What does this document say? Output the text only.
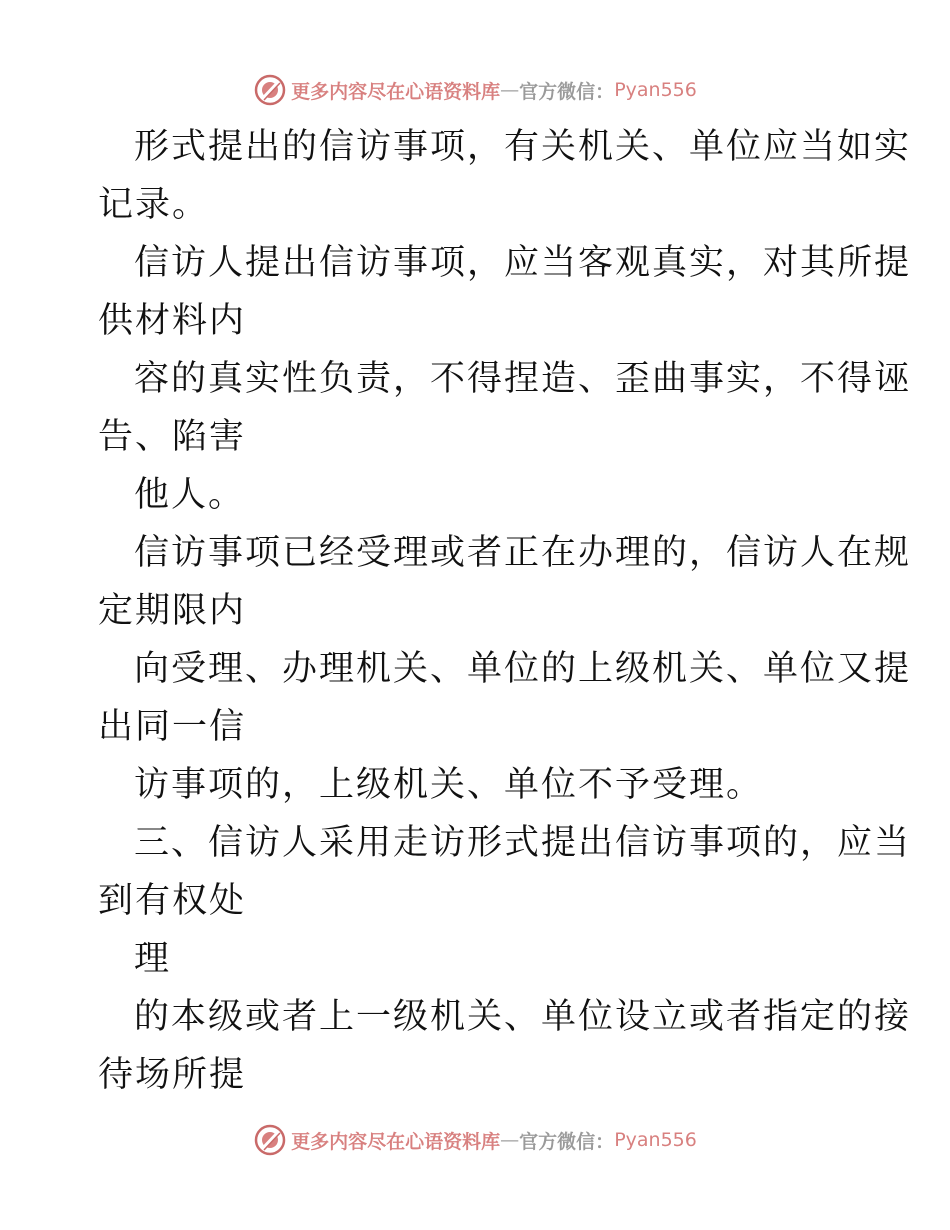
更多内容尽在心语资料库 — 官方微信： Pyan556
形式提出的信访事项，有关机关、单位应当如实
记录。
信访人提出信访事项，应当客观真实，对其所提
供材料内
容的真实性负责，不得捏造、歪曲事实，不得诬
告、陷害
他人。
信访事项已经受理或者正在办理的，信访人在规
定期限内
向受理、办理机关、单位的上级机关、单位又提
出同一信
访事项的，上级机关、单位不予受理。
三、信访人采用走访形式提出信访事项的，应当
到有权处
理
的本级或者上一级机关、单位设立或者指定的接
待场所提
更多内容尽在心语资料库 — 官方微信： Pyan556
